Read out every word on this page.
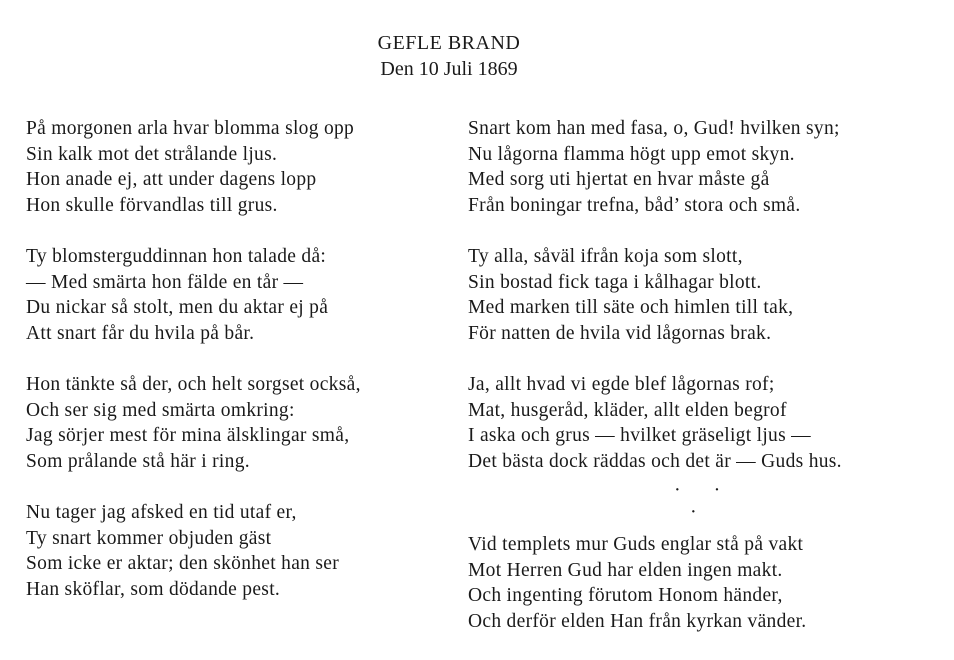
GEFLE BRAND
Den 10 Juli 1869
På morgonen arla hvar blomma slog opp
Sin kalk mot det strålande ljus.
Hon anade ej, att under dagens lopp
Hon skulle förvandlas till grus.
Ty blomsterguddinnan hon talade då:
— Med smärta hon fälde en tår —
Du nickar så stolt, men du aktar ej på
Att snart får du hvila på bår.
Hon tänkte så der, och helt sorgset också,
Och ser sig med smärta omkring:
Jag sörjer mest för mina älsklingar små,
Som prålande stå här i ring.
Nu tager jag afsked en tid utaf er,
Ty snart kommer objuden gäst
Som icke er aktar; den skönhet han ser
Han sköflar, som dödande pest.
Snart kom han med fasa, o, Gud! hvilken syn;
Nu lågorna flamma högt upp emot skyn.
Med sorg uti hjertat en hvar måste gå
Från boningar trefna, båd’ stora och små.
Ty alla, såväl ifrån koja som slott,
Sin bostad fick taga i kålhagar blott.
Med marken till säte och himlen till tak,
För natten de hvila vid lågornas brak.
Ja, allt hvad vi egde blef lågornas rof;
Mat, husgeråd, kläder, allt elden begrof
I aska och grus — hvilket gräseligt ljus —
Det bästa dock räddas och det är — Guds hus.
· ·
·
Vid templets mur Guds englar stå på vakt
Mot Herren Gud har elden ingen makt.
Och ingenting förutom Honom händer,
Och derför elden Han från kyrkan vänder.
